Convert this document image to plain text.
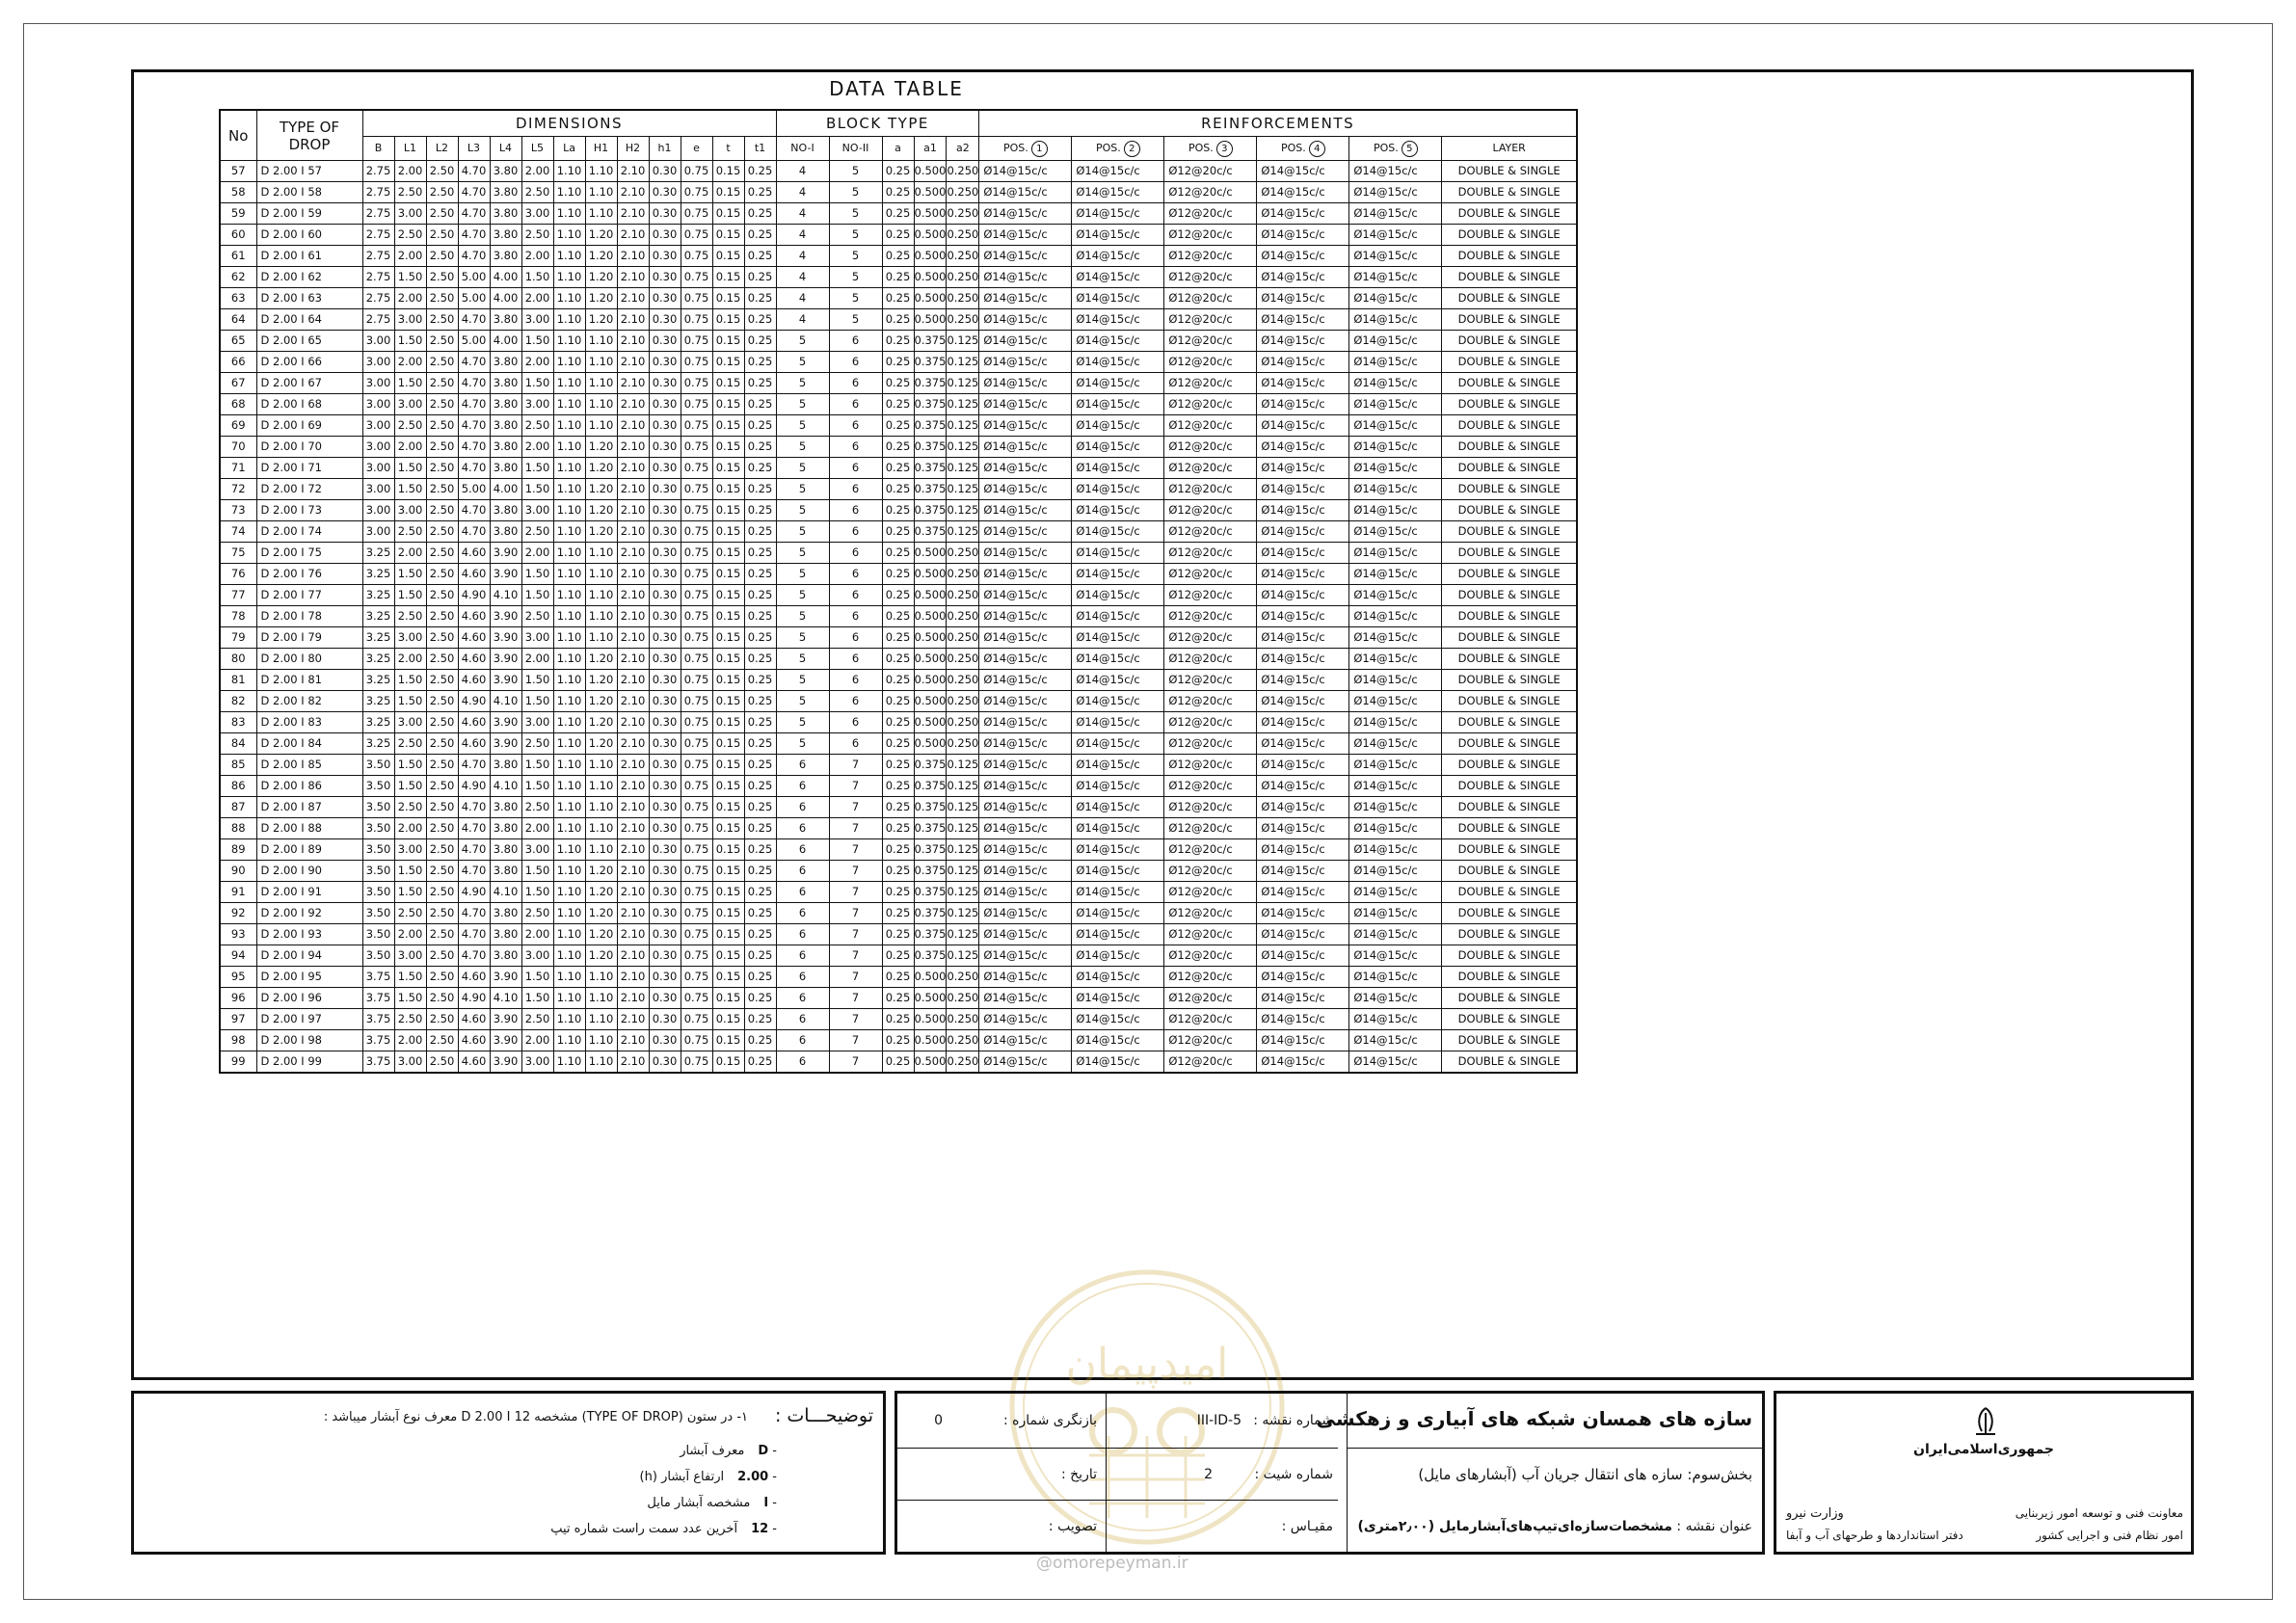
DATA TABLE
No	TYPE OF DROP	DIMENSIONS													BLOCK TYPE					REINFORCEMENTS					
		B	L1	L2	L3	L4	L5	La	H1	H2	h1	e	t	t1	NO-I	NO-II	a	a1	a2	POS. 1	POS. 2	POS. 3	POS. 4	POS. 5	LAYER
57	D 2.00 I 57	2.75	2.00	2.50	4.70	3.80	2.00	1.10	1.10	2.10	0.30	0.75	0.15	0.25	4	5	0.25	0.500	0.250	Ø14@15c/c	Ø14@15c/c	Ø12@20c/c	Ø14@15c/c	Ø14@15c/c	DOUBLE & SINGLE
58	D 2.00 I 58	2.75	2.50	2.50	4.70	3.80	2.50	1.10	1.10	2.10	0.30	0.75	0.15	0.25	4	5	0.25	0.500	0.250	Ø14@15c/c	Ø14@15c/c	Ø12@20c/c	Ø14@15c/c	Ø14@15c/c	DOUBLE & SINGLE
59	D 2.00 I 59	2.75	3.00	2.50	4.70	3.80	3.00	1.10	1.10	2.10	0.30	0.75	0.15	0.25	4	5	0.25	0.500	0.250	Ø14@15c/c	Ø14@15c/c	Ø12@20c/c	Ø14@15c/c	Ø14@15c/c	DOUBLE & SINGLE
60	D 2.00 I 60	2.75	2.50	2.50	4.70	3.80	2.50	1.10	1.20	2.10	0.30	0.75	0.15	0.25	4	5	0.25	0.500	0.250	Ø14@15c/c	Ø14@15c/c	Ø12@20c/c	Ø14@15c/c	Ø14@15c/c	DOUBLE & SINGLE
61	D 2.00 I 61	2.75	2.00	2.50	4.70	3.80	2.00	1.10	1.20	2.10	0.30	0.75	0.15	0.25	4	5	0.25	0.500	0.250	Ø14@15c/c	Ø14@15c/c	Ø12@20c/c	Ø14@15c/c	Ø14@15c/c	DOUBLE & SINGLE
62	D 2.00 I 62	2.75	1.50	2.50	5.00	4.00	1.50	1.10	1.20	2.10	0.30	0.75	0.15	0.25	4	5	0.25	0.500	0.250	Ø14@15c/c	Ø14@15c/c	Ø12@20c/c	Ø14@15c/c	Ø14@15c/c	DOUBLE & SINGLE
63	D 2.00 I 63	2.75	2.00	2.50	5.00	4.00	2.00	1.10	1.20	2.10	0.30	0.75	0.15	0.25	4	5	0.25	0.500	0.250	Ø14@15c/c	Ø14@15c/c	Ø12@20c/c	Ø14@15c/c	Ø14@15c/c	DOUBLE & SINGLE
64	D 2.00 I 64	2.75	3.00	2.50	4.70	3.80	3.00	1.10	1.20	2.10	0.30	0.75	0.15	0.25	4	5	0.25	0.500	0.250	Ø14@15c/c	Ø14@15c/c	Ø12@20c/c	Ø14@15c/c	Ø14@15c/c	DOUBLE & SINGLE
65	D 2.00 I 65	3.00	1.50	2.50	5.00	4.00	1.50	1.10	1.10	2.10	0.30	0.75	0.15	0.25	5	6	0.25	0.375	0.125	Ø14@15c/c	Ø14@15c/c	Ø12@20c/c	Ø14@15c/c	Ø14@15c/c	DOUBLE & SINGLE
66	D 2.00 I 66	3.00	2.00	2.50	4.70	3.80	2.00	1.10	1.10	2.10	0.30	0.75	0.15	0.25	5	6	0.25	0.375	0.125	Ø14@15c/c	Ø14@15c/c	Ø12@20c/c	Ø14@15c/c	Ø14@15c/c	DOUBLE & SINGLE
67	D 2.00 I 67	3.00	1.50	2.50	4.70	3.80	1.50	1.10	1.10	2.10	0.30	0.75	0.15	0.25	5	6	0.25	0.375	0.125	Ø14@15c/c	Ø14@15c/c	Ø12@20c/c	Ø14@15c/c	Ø14@15c/c	DOUBLE & SINGLE
68	D 2.00 I 68	3.00	3.00	2.50	4.70	3.80	3.00	1.10	1.10	2.10	0.30	0.75	0.15	0.25	5	6	0.25	0.375	0.125	Ø14@15c/c	Ø14@15c/c	Ø12@20c/c	Ø14@15c/c	Ø14@15c/c	DOUBLE & SINGLE
69	D 2.00 I 69	3.00	2.50	2.50	4.70	3.80	2.50	1.10	1.10	2.10	0.30	0.75	0.15	0.25	5	6	0.25	0.375	0.125	Ø14@15c/c	Ø14@15c/c	Ø12@20c/c	Ø14@15c/c	Ø14@15c/c	DOUBLE & SINGLE
70	D 2.00 I 70	3.00	2.00	2.50	4.70	3.80	2.00	1.10	1.20	2.10	0.30	0.75	0.15	0.25	5	6	0.25	0.375	0.125	Ø14@15c/c	Ø14@15c/c	Ø12@20c/c	Ø14@15c/c	Ø14@15c/c	DOUBLE & SINGLE
71	D 2.00 I 71	3.00	1.50	2.50	4.70	3.80	1.50	1.10	1.20	2.10	0.30	0.75	0.15	0.25	5	6	0.25	0.375	0.125	Ø14@15c/c	Ø14@15c/c	Ø12@20c/c	Ø14@15c/c	Ø14@15c/c	DOUBLE & SINGLE
72	D 2.00 I 72	3.00	1.50	2.50	5.00	4.00	1.50	1.10	1.20	2.10	0.30	0.75	0.15	0.25	5	6	0.25	0.375	0.125	Ø14@15c/c	Ø14@15c/c	Ø12@20c/c	Ø14@15c/c	Ø14@15c/c	DOUBLE & SINGLE
73	D 2.00 I 73	3.00	3.00	2.50	4.70	3.80	3.00	1.10	1.20	2.10	0.30	0.75	0.15	0.25	5	6	0.25	0.375	0.125	Ø14@15c/c	Ø14@15c/c	Ø12@20c/c	Ø14@15c/c	Ø14@15c/c	DOUBLE & SINGLE
74	D 2.00 I 74	3.00	2.50	2.50	4.70	3.80	2.50	1.10	1.20	2.10	0.30	0.75	0.15	0.25	5	6	0.25	0.375	0.125	Ø14@15c/c	Ø14@15c/c	Ø12@20c/c	Ø14@15c/c	Ø14@15c/c	DOUBLE & SINGLE
75	D 2.00 I 75	3.25	2.00	2.50	4.60	3.90	2.00	1.10	1.10	2.10	0.30	0.75	0.15	0.25	5	6	0.25	0.500	0.250	Ø14@15c/c	Ø14@15c/c	Ø12@20c/c	Ø14@15c/c	Ø14@15c/c	DOUBLE & SINGLE
76	D 2.00 I 76	3.25	1.50	2.50	4.60	3.90	1.50	1.10	1.10	2.10	0.30	0.75	0.15	0.25	5	6	0.25	0.500	0.250	Ø14@15c/c	Ø14@15c/c	Ø12@20c/c	Ø14@15c/c	Ø14@15c/c	DOUBLE & SINGLE
77	D 2.00 I 77	3.25	1.50	2.50	4.90	4.10	1.50	1.10	1.10	2.10	0.30	0.75	0.15	0.25	5	6	0.25	0.500	0.250	Ø14@15c/c	Ø14@15c/c	Ø12@20c/c	Ø14@15c/c	Ø14@15c/c	DOUBLE & SINGLE
78	D 2.00 I 78	3.25	2.50	2.50	4.60	3.90	2.50	1.10	1.10	2.10	0.30	0.75	0.15	0.25	5	6	0.25	0.500	0.250	Ø14@15c/c	Ø14@15c/c	Ø12@20c/c	Ø14@15c/c	Ø14@15c/c	DOUBLE & SINGLE
79	D 2.00 I 79	3.25	3.00	2.50	4.60	3.90	3.00	1.10	1.10	2.10	0.30	0.75	0.15	0.25	5	6	0.25	0.500	0.250	Ø14@15c/c	Ø14@15c/c	Ø12@20c/c	Ø14@15c/c	Ø14@15c/c	DOUBLE & SINGLE
80	D 2.00 I 80	3.25	2.00	2.50	4.60	3.90	2.00	1.10	1.20	2.10	0.30	0.75	0.15	0.25	5	6	0.25	0.500	0.250	Ø14@15c/c	Ø14@15c/c	Ø12@20c/c	Ø14@15c/c	Ø14@15c/c	DOUBLE & SINGLE
81	D 2.00 I 81	3.25	1.50	2.50	4.60	3.90	1.50	1.10	1.20	2.10	0.30	0.75	0.15	0.25	5	6	0.25	0.500	0.250	Ø14@15c/c	Ø14@15c/c	Ø12@20c/c	Ø14@15c/c	Ø14@15c/c	DOUBLE & SINGLE
82	D 2.00 I 82	3.25	1.50	2.50	4.90	4.10	1.50	1.10	1.20	2.10	0.30	0.75	0.15	0.25	5	6	0.25	0.500	0.250	Ø14@15c/c	Ø14@15c/c	Ø12@20c/c	Ø14@15c/c	Ø14@15c/c	DOUBLE & SINGLE
83	D 2.00 I 83	3.25	3.00	2.50	4.60	3.90	3.00	1.10	1.20	2.10	0.30	0.75	0.15	0.25	5	6	0.25	0.500	0.250	Ø14@15c/c	Ø14@15c/c	Ø12@20c/c	Ø14@15c/c	Ø14@15c/c	DOUBLE & SINGLE
84	D 2.00 I 84	3.25	2.50	2.50	4.60	3.90	2.50	1.10	1.20	2.10	0.30	0.75	0.15	0.25	5	6	0.25	0.500	0.250	Ø14@15c/c	Ø14@15c/c	Ø12@20c/c	Ø14@15c/c	Ø14@15c/c	DOUBLE & SINGLE
85	D 2.00 I 85	3.50	1.50	2.50	4.70	3.80	1.50	1.10	1.10	2.10	0.30	0.75	0.15	0.25	6	7	0.25	0.375	0.125	Ø14@15c/c	Ø14@15c/c	Ø12@20c/c	Ø14@15c/c	Ø14@15c/c	DOUBLE & SINGLE
86	D 2.00 I 86	3.50	1.50	2.50	4.90	4.10	1.50	1.10	1.10	2.10	0.30	0.75	0.15	0.25	6	7	0.25	0.375	0.125	Ø14@15c/c	Ø14@15c/c	Ø12@20c/c	Ø14@15c/c	Ø14@15c/c	DOUBLE & SINGLE
87	D 2.00 I 87	3.50	2.50	2.50	4.70	3.80	2.50	1.10	1.10	2.10	0.30	0.75	0.15	0.25	6	7	0.25	0.375	0.125	Ø14@15c/c	Ø14@15c/c	Ø12@20c/c	Ø14@15c/c	Ø14@15c/c	DOUBLE & SINGLE
88	D 2.00 I 88	3.50	2.00	2.50	4.70	3.80	2.00	1.10	1.10	2.10	0.30	0.75	0.15	0.25	6	7	0.25	0.375	0.125	Ø14@15c/c	Ø14@15c/c	Ø12@20c/c	Ø14@15c/c	Ø14@15c/c	DOUBLE & SINGLE
89	D 2.00 I 89	3.50	3.00	2.50	4.70	3.80	3.00	1.10	1.10	2.10	0.30	0.75	0.15	0.25	6	7	0.25	0.375	0.125	Ø14@15c/c	Ø14@15c/c	Ø12@20c/c	Ø14@15c/c	Ø14@15c/c	DOUBLE & SINGLE
90	D 2.00 I 90	3.50	1.50	2.50	4.70	3.80	1.50	1.10	1.20	2.10	0.30	0.75	0.15	0.25	6	7	0.25	0.375	0.125	Ø14@15c/c	Ø14@15c/c	Ø12@20c/c	Ø14@15c/c	Ø14@15c/c	DOUBLE & SINGLE
91	D 2.00 I 91	3.50	1.50	2.50	4.90	4.10	1.50	1.10	1.20	2.10	0.30	0.75	0.15	0.25	6	7	0.25	0.375	0.125	Ø14@15c/c	Ø14@15c/c	Ø12@20c/c	Ø14@15c/c	Ø14@15c/c	DOUBLE & SINGLE
92	D 2.00 I 92	3.50	2.50	2.50	4.70	3.80	2.50	1.10	1.20	2.10	0.30	0.75	0.15	0.25	6	7	0.25	0.375	0.125	Ø14@15c/c	Ø14@15c/c	Ø12@20c/c	Ø14@15c/c	Ø14@15c/c	DOUBLE & SINGLE
93	D 2.00 I 93	3.50	2.00	2.50	4.70	3.80	2.00	1.10	1.20	2.10	0.30	0.75	0.15	0.25	6	7	0.25	0.375	0.125	Ø14@15c/c	Ø14@15c/c	Ø12@20c/c	Ø14@15c/c	Ø14@15c/c	DOUBLE & SINGLE
94	D 2.00 I 94	3.50	3.00	2.50	4.70	3.80	3.00	1.10	1.20	2.10	0.30	0.75	0.15	0.25	6	7	0.25	0.375	0.125	Ø14@15c/c	Ø14@15c/c	Ø12@20c/c	Ø14@15c/c	Ø14@15c/c	DOUBLE & SINGLE
95	D 2.00 I 95	3.75	1.50	2.50	4.60	3.90	1.50	1.10	1.10	2.10	0.30	0.75	0.15	0.25	6	7	0.25	0.500	0.250	Ø14@15c/c	Ø14@15c/c	Ø12@20c/c	Ø14@15c/c	Ø14@15c/c	DOUBLE & SINGLE
96	D 2.00 I 96	3.75	1.50	2.50	4.90	4.10	1.50	1.10	1.10	2.10	0.30	0.75	0.15	0.25	6	7	0.25	0.500	0.250	Ø14@15c/c	Ø14@15c/c	Ø12@20c/c	Ø14@15c/c	Ø14@15c/c	DOUBLE & SINGLE
97	D 2.00 I 97	3.75	2.50	2.50	4.60	3.90	2.50	1.10	1.10	2.10	0.30	0.75	0.15	0.25	6	7	0.25	0.500	0.250	Ø14@15c/c	Ø14@15c/c	Ø12@20c/c	Ø14@15c/c	Ø14@15c/c	DOUBLE & SINGLE
98	D 2.00 I 98	3.75	2.00	2.50	4.60	3.90	2.00	1.10	1.10	2.10	0.30	0.75	0.15	0.25	6	7	0.25	0.500	0.250	Ø14@15c/c	Ø14@15c/c	Ø12@20c/c	Ø14@15c/c	Ø14@15c/c	DOUBLE & SINGLE
99	D 2.00 I 99	3.75	3.00	2.50	4.60	3.90	3.00	1.10	1.10	2.10	0.30	0.75	0.15	0.25	6	7	0.25	0.500	0.250	Ø14@15c/c	Ø14@15c/c	Ø12@20c/c	Ø14@15c/c	Ø14@15c/c	DOUBLE & SINGLE
امیدپیمان
@omorepeyman.ir
توضیحـــات :
۱- در ستون (TYPE OF DROP) مشخصه D 2.00 I 12 معرف نوع آبشار میباشد :
- Dمعرف آبشار
- 2.00ارتفاع آبشار (h)
- Iمشخصه آبشار مایل
- 12آخرین عدد سمت راست شماره تیپ
سازه های همسان شبکه های آبیاری و زهکشی
بخش‌سوم: سازه های انتقال جریان آب (آبشارهای مایل)
عنوان نقشه : مشخصات‌سازه‌ای‌تیپ‌های‌آبشار‌مایل (۲٫۰۰متری)
شماره نقشه :
III-ID-5
بازنگری شماره :
0
شماره شیت :
2
تاریخ :
مقیـاس :
تصویب :
جمهوری‌اسلامی‌ایران
وزارت نیرو	معاونت فنی و توسعه امور زیربنایی
امور نظام فنی و اجرایی کشور
دفتر استانداردها و طرحهای آب و آبفا
